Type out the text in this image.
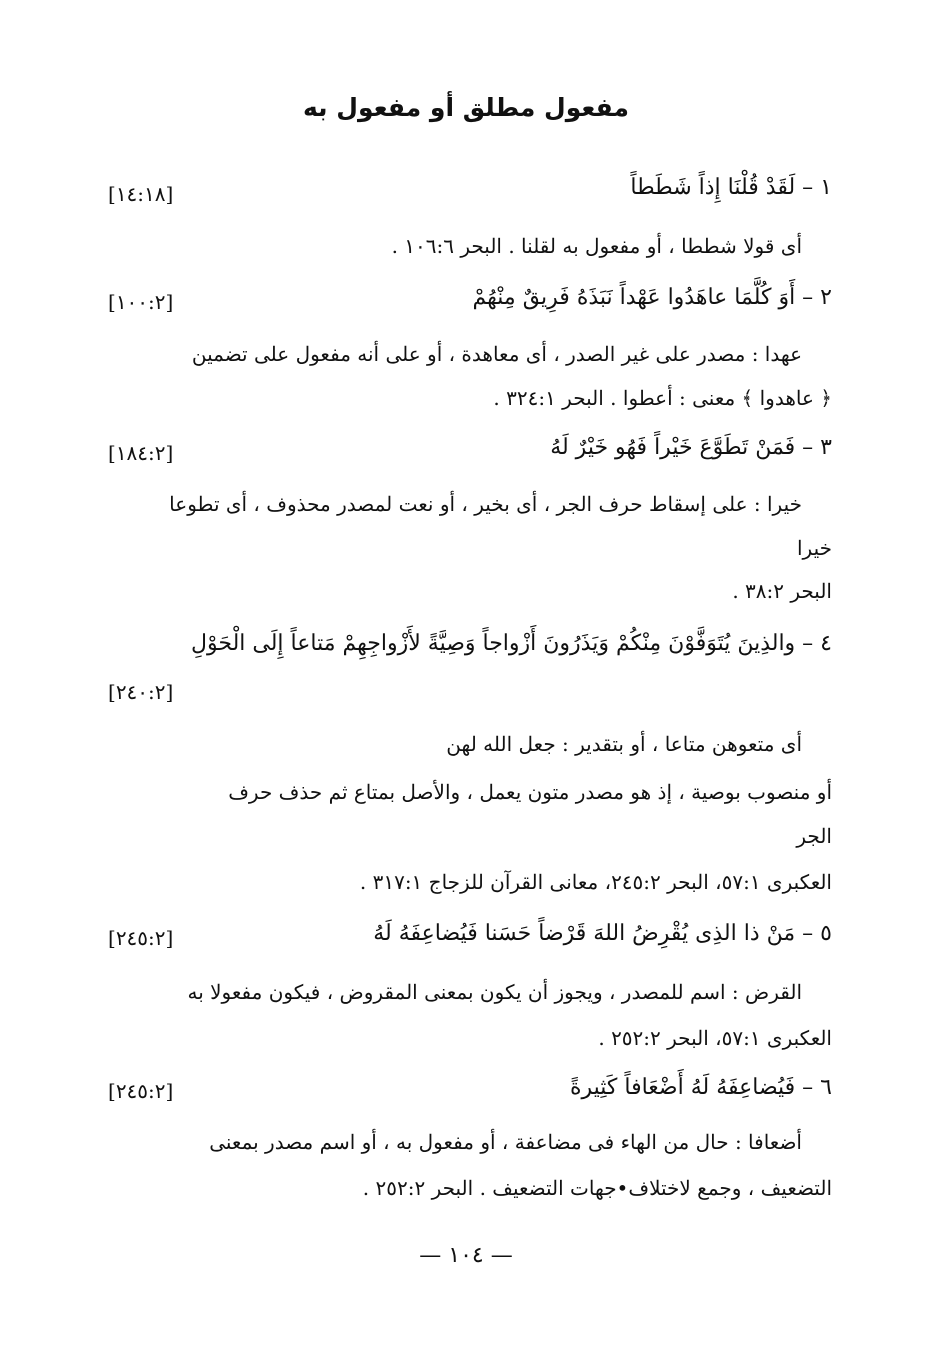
مفعول مطلق أو مفعول به
١ – لَقَدْ قُلْنَا إِذاً شَطَطاً
[١٤:١٨]
أى قولا شططا ، أو مفعول به لقلنا . البحر ١٠٦:٦ .
٢ – أَوَ كُلَّمَا عاهَدُوا عَهْداً نَبَذَهُ فَرِيقٌ مِنْهُمْ
[١٠٠:٢]
عهدا : مصدر على غير الصدر ، أى معاهدة ، أو على أنه مفعول على تضمين
﴿ عاهدوا ﴾ معنى : أعطوا . البحر ٣٢٤:١ .
٣ – فَمَنْ تَطَوَّعَ خَيْراً فَهُو خَيْرٌ لَهُ
[١٨٤:٢]
خيرا : على إسقاط حرف الجر ، أى بخير ، أو نعت لمصدر محذوف ، أى تطوعا
خيرا
البحر ٣٨:٢ .
٤ – والذِينَ يُتَوَفَّوْنَ مِنْكُمْ وَيَذَرُونَ أَزْواجاً وَصِيَّةً لأَزْواجِهِمْ مَتاعاً إِلَى الْحَوْلِ
[٢٤٠:٢]
أى متعوهن متاعا ، أو بتقدير : جعل الله لهن
أو منصوب بوصية ، إذ هو مصدر متون يعمل ، والأصل بمتاع ثم حذف حرف
الجر
العكبرى ٥٧:١، البحر ٢٤٥:٢، معانى القرآن للزجاج ٣١٧:١ .
٥ – مَنْ ذا الذِى يُقْرِضُ اللهَ قَرْضاً حَسَنا فَيُضاعِفَهُ لَهُ
[٢٤٥:٢]
القرض : اسم للمصدر ، ويجوز أن يكون بمعنى المقروض ، فيكون مفعولا به
العكبرى ٥٧:١، البحر ٢٥٢:٢ .
٦ – فَيُضاعِفَهُ لَهُ أَضْعَافاً كَثِيرةً
[٢٤٥:٢]
أضعافا : حال من الهاء فى مضاعفة ، أو مفعول به ، أو اسم مصدر بمعنى
التضعيف ، وجمع لاختلاف•جهات التضعيف . البحر ٢٥٢:٢ .
— ١٠٤ —
